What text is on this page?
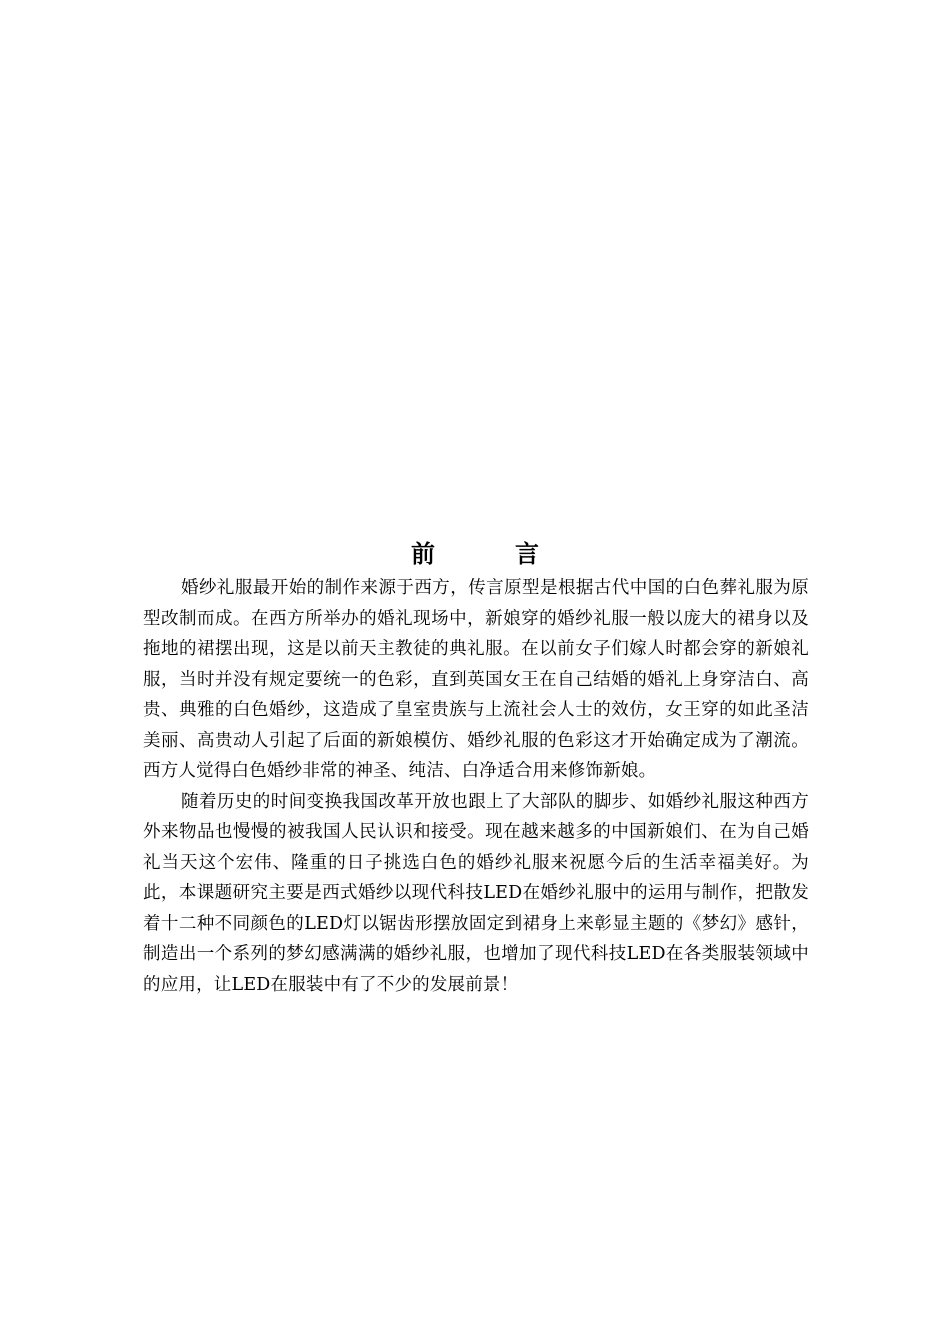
前　言

婚纱礼服最开始的制作来源于西方，传言原型是根据古代中国的白色葬礼服为原型改制而成。在西方所举办的婚礼现场中，新娘穿的婚纱礼服一般以庞大的裙身以及拖地的裙摆出现，这是以前天主教徒的典礼服。在以前女子们嫁人时都会穿的新娘礼服，当时并没有规定要统一的色彩，直到英国女王在自己结婚的婚礼上身穿洁白、高贵、典雅的白色婚纱，这造成了皇室贵族与上流社会人士的效仿，女王穿的如此圣洁美丽、高贵动人引起了后面的新娘模仿、婚纱礼服的色彩这才开始确定成为了潮流。西方人觉得白色婚纱非常的神圣、纯洁、白净适合用来修饰新娘。

随着历史的时间变换我国改革开放也跟上了大部队的脚步、如婚纱礼服这种西方外来物品也慢慢的被我国人民认识和接受。现在越来越多的中国新娘们、在为自己婚礼当天这个宏伟、隆重的日子挑选白色的婚纱礼服来祝愿今后的生活幸福美好。为此，本课题研究主要是西式婚纱以现代科技LED在婚纱礼服中的运用与制作，把散发着十二种不同颜色的LED灯以锯齿形摆放固定到裙身上来彰显主题的《梦幻》感针，制造出一个系列的梦幻感满满的婚纱礼服，也增加了现代科技LED在各类服装领域中的应用，让LED在服装中有了不少的发展前景！
